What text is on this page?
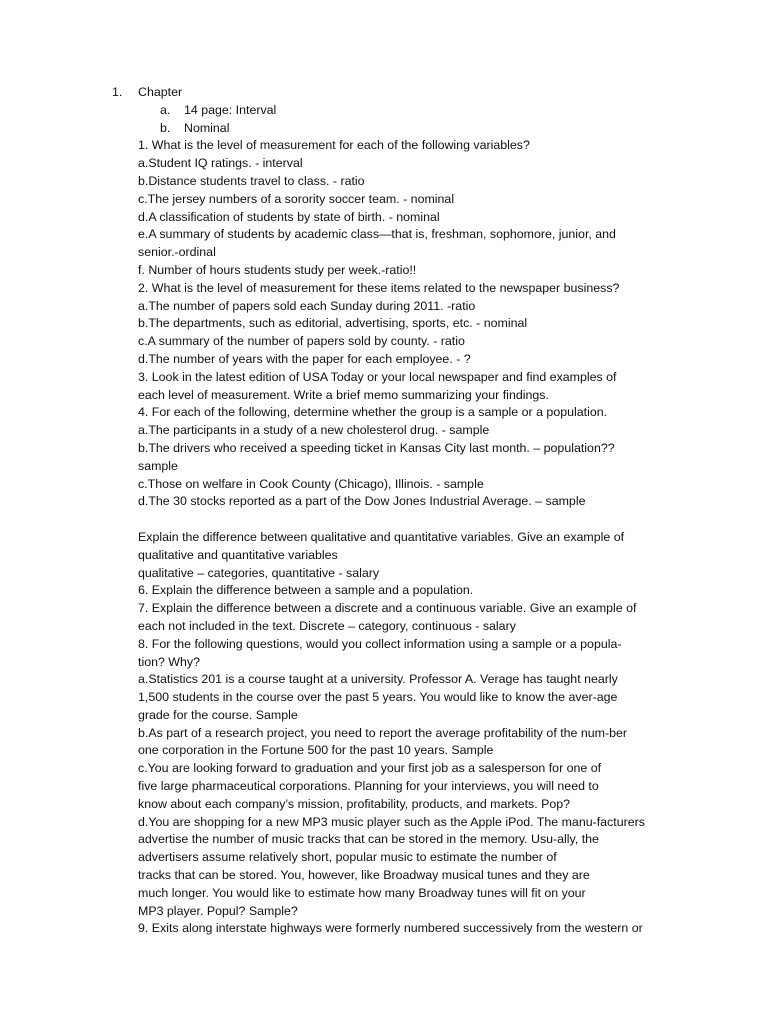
1. Chapter
a. 14 page: Interval
b. Nominal
1. What is the level of measurement for each of the following variables?
a.Student IQ ratings. - interval
b.Distance students travel to class. - ratio
c.The jersey numbers of a sorority soccer team. - nominal
d.A classification of students by state of birth. - nominal
e.A summary of students by academic class—that is, freshman, sophomore, junior, and
senior.-ordinal
f. Number of hours students study per week.-ratio!!
2. What is the level of measurement for these items related to the newspaper business?
a.The number of papers sold each Sunday during 2011. -ratio
b.The departments, such as editorial, advertising, sports, etc. - nominal
c.A summary of the number of papers sold by county. - ratio
d.The number of years with the paper for each employee. - ?
3. Look in the latest edition of USA Today or your local newspaper and find examples of
each level of measurement. Write a brief memo summarizing your findings.
4. For each of the following, determine whether the group is a sample or a population.
a.The participants in a study of a new cholesterol drug. - sample
b.The drivers who received a speeding ticket in Kansas City last month. – population??
sample
c.Those on welfare in Cook County (Chicago), Illinois. - sample
d.The 30 stocks reported as a part of the Dow Jones Industrial Average. – sample
Explain the difference between qualitative and quantitative variables. Give an example of
qualitative and quantitative variables
qualitative – categories, quantitative - salary
6. Explain the difference between a sample and a population.
7. Explain the difference between a discrete and a continuous variable. Give an example of
each not included in the text. Discrete – category, continuous - salary
8. For the following questions, would you collect information using a sample or a popula-
tion? Why?
a.Statistics 201 is a course taught at a university. Professor A. Verage has taught nearly
1,500 students in the course over the past 5 years. You would like to know the aver-age
grade for the course. Sample
b.As part of a research project, you need to report the average profitability of the num-ber
one corporation in the Fortune 500 for the past 10 years. Sample
c.You are looking forward to graduation and your first job as a salesperson for one of
five large pharmaceutical corporations. Planning for your interviews, you will need to
know about each company’s mission, profitability, products, and markets. Pop?
d.You are shopping for a new MP3 music player such as the Apple iPod. The manu-facturers
advertise the number of music tracks that can be stored in the memory. Usu-ally, the
advertisers assume relatively short, popular music to estimate the number of
tracks that can be stored. You, however, like Broadway musical tunes and they are
much longer. You would like to estimate how many Broadway tunes will fit on your
MP3 player. Popul? Sample?
9. Exits along interstate highways were formerly numbered successively from the western or
